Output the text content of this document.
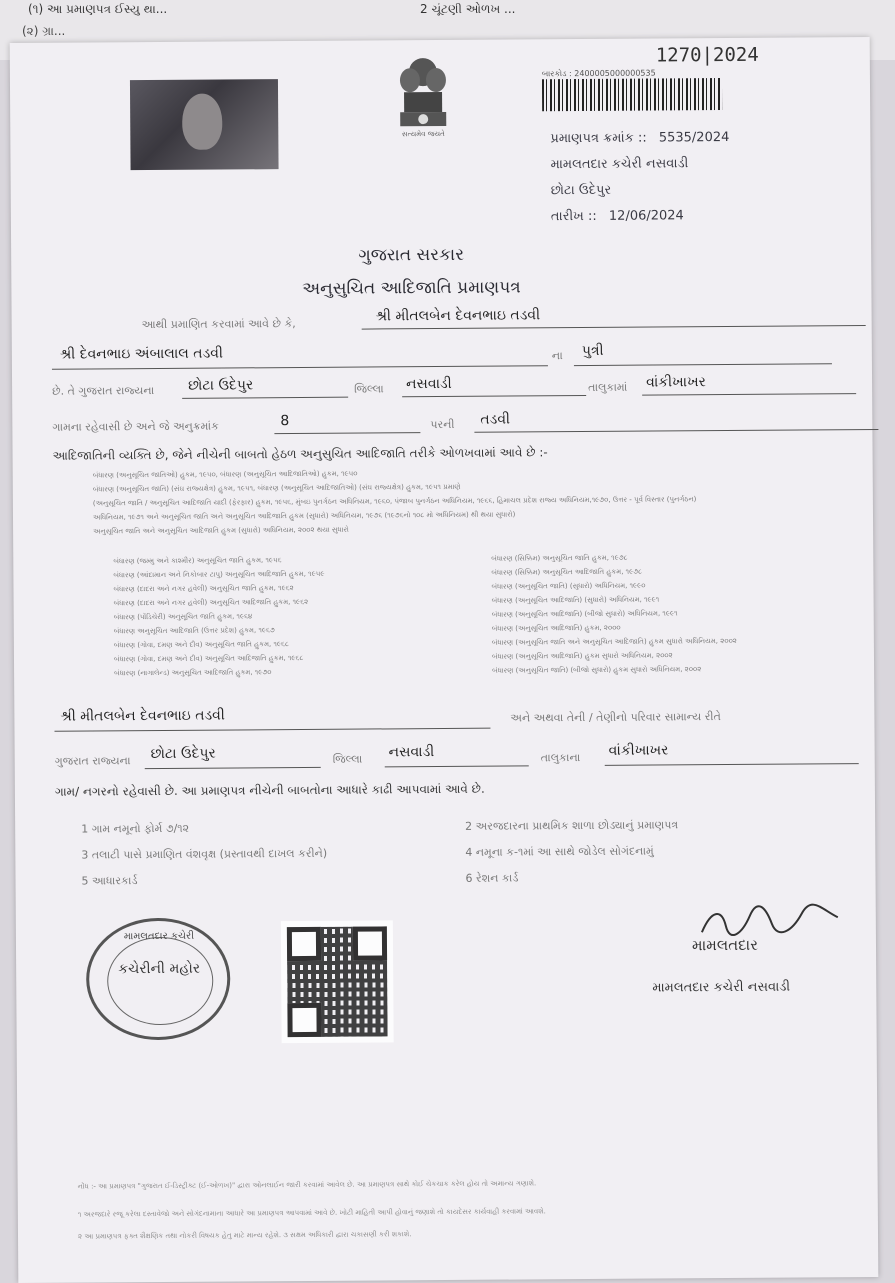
(૧) આ પ્રમાણપત્ર ઈસ્યુ થા...	2 ચૂંટણી ઓળખ ...
(૨) ગ્રા...
સત્યમેવ જયતે
1270|2024
બારકોડ : 2400005000000535
પ્રમાણપત્ર ક્રમાંક :: 5535/2024
મામલતદાર કચેરી નસવાડી
છોટા ઉદેપુર
તારીખ :: 12/06/2024
ગુજરાત સરકાર
અનુસુચિત આદિજાતિ પ્રમાણપત્ર
આથી પ્રમાણિત કરવામાં આવે છે કે,	શ્રી મીતલબેન દેવનભાઇ તડવી
શ્રી દેવનભાઇ અંબાલાલ તડવી	ના	પુત્રી
છે. તે ગુજરાત રાજ્યના	છોટા ઉદેપુર	જિલ્લા નસવાડી	તાલુકામાં વાંકીખાખર
ગામના રહેવાસી છે અને જે અનુક્રમાંક	8	પરની	તડવી
આદિજાતિની વ્યક્તિ છે, જેને નીચેની બાબતો હેઠળ અનુસુચિત આદિજાતિ તરીકે ઓળખવામાં આવે છે :-
બંધારણ (અનુસૂચિત જાતિઓ) હુકમ, ૧૯૫૦, બંધારણ (અનુસૂચિત આદિજાતિઓ) હુકમ, ૧૯૫૦
બંધારણ (અનુસૂચિત જાતિ) (સંઘ રાજ્યક્ષેત્ર) હુકમ, ૧૯૫૧, બંધારણ (અનુસૂચિત આદિજાતિઓ) (સંઘ રાજ્યક્ષેત્ર) હુકમ, ૧૯૫૧ પ્રમાણે
(અનુસૂચિત જાતિ / અનુસૂચિત આદિજાતિ યાદી (ફેરફાર) હુકમ, ૧૯૫૬, મુંબઇ પુનર્ગઠન અધિનિયમ, ૧૯૬૦, પંજાબ પુનર્ગઠન અધિનિયમ, ૧૯૬૬, હિમાચલ પ્રદેશ રાજ્ય અધિનિયમ,૧૯૭૦, ઉત્તર - પૂર્વ વિસ્તાર (પુનર્ગઠન)
અધિનિયમ, ૧૯૭૧ અને અનુસૂચિત જાતિ અને અનુસૂચિત આદિજાતિ હુકમ (સુધારો) અધિનિયમ, ૧૯૭૬ (૧૯૭૬નો ૧૦૮ મો અધિનિયમ) થી થયા સુધારો)
અનુસૂચિત જાતિ અને અનુસૂચિત આદિજાતિ હુકમ (સુધારો) અધિનિયમ, ૨૦૦૨ થયા સુધારો
બંધારણ (જમ્મુ અને કાશ્મીર) અનુસૂચિત જાતિ હુકમ, ૧૯૫૬
બંધારણ (આંદામાન અને નિકોબાર ટાપુ) અનુસૂચિત આદિજાતિ હુકમ, ૧૯૫૯
બંધારણ (દાદરા અને નગર હવેલી) અનુસૂચિત જાતિ હુકમ, ૧૯૬૨
બંધારણ (દાદરા અને નગર હવેલી) અનુસૂચિત આદિજાતિ હુકમ, ૧૯૬૨
બંધારણ (પોંડિચેરી) અનુસૂચિત જાતિ હુકમ, ૧૯૬૪
બંધારણ અનુસૂચિત આદિજાતિ (ઉત્તર પ્રદેશ) હુકમ, ૧૯૬૭
બંધારણ (ગોવા, દમણ અને દીવ) અનુસૂચિત જાતિ હુકમ, ૧૯૬૮
બંધારણ (ગોવા, દમણ અને દીવ) અનુસૂચિત આદિજાતિ હુકમ, ૧૯૬૮
બંધારણ (નાગાલેન્ડ) અનુસૂચિત આદિજાતિ હુકમ, ૧૯૭૦
બંધારણ (સિક્કિમ) અનુસૂચિત જાતિ હુકમ, ૧૯૭૮
બંધારણ (સિક્કિમ) અનુસૂચિત આદિજાતિ હુકમ, ૧૯૭૮
બંધારણ (અનુસૂચિત જાતિ) (સુધારો) અધિનિયમ, ૧૯૯૦
બંધારણ (અનુસૂચિત આદિજાતિ) (સુધારો) અધિનિયમ, ૧૯૯૧
બંધારણ (અનુસૂચિત આદિજાતિ) (બીજો સુધારો) અધિનિયમ, ૧૯૯૧
બંધારણ (અનુસૂચિત આદિજાતિ) હુકમ, ૨૦૦૦
બંધારણ (અનુસૂચિત જાતિ અને અનુસૂચિત આદિજાતિ) હુકમ સુધારો અધિનિયમ, ૨૦૦૨
બંધારણ (અનુસૂચિત આદિજાતિ) હુકમ સુધારો અધિનિયમ, ૨૦૦૨
બંધારણ (અનુસૂચિત જાતિ) (બીજો સુધારો) હુકમ સુધારો અધિનિયમ, ૨૦૦૨
શ્રી મીતલબેન દેવનભાઇ તડવી	અને અથવા તેની / તેણીનો પરિવાર સામાન્ય રીતે
ગુજરાત રાજ્યના	છોટા ઉદેપુર	જિલ્લા નસવાડી	તાલુકાના વાંકીખાખર
ગામ/ નગરનો રહેવાસી છે. આ પ્રમાણપત્ર નીચેની બાબતોના આધારે કાઢી આપવામાં આવે છે.
1 ગામ નમૂનો ફોર્મ ૭/૧૨	2 અરજદારના પ્રાથમિક શાળા છોડ્યાનું પ્રમાણપત્ર
3 તલાટી પાસે પ્રમાણિત વંશવૃક્ષ (પ્રસ્તાવથી દાખલ કરીને)	4 નમૂના ક-૧માં આ સાથે જોડેલ સોગંદનામું
5 આધારકાર્ડ	6 રેશન કાર્ડ
મામલતદાર કચેરી
કચેરીની મહોર
મામલતદાર
મામલતદાર કચેરી નસવાડી
નોંધ :- આ પ્રમાણપત્ર "ગુજરાત ઈ-ડિસ્ટ્રીક્ટ (ઈ-ઓળખ)" દ્વારા ઓનલાઈન જારી કરવામાં આવેલ છે. આ પ્રમાણપત્ર સાથે કોઈ ચેકચાક કરેલ હોય તો અમાન્ય ગણાશે.
૧ અરજદારે રજૂ કરેલા દસ્તાવેજો અને સોગંદનામાના આધારે આ પ્રમાણપત્ર આપવામાં આવે છે. ખોટી માહિતી આપી હોવાનું જણાશે તો કાયદેસર કાર્યવાહી કરવામાં આવશે.
૨ આ પ્રમાણપત્ર ફક્ત શૈક્ષણિક તથા નોકરી વિષયક હેતુ માટે માન્ય રહેશે. ૩ સક્ષમ અધિકારી દ્વારા ચકાસણી કરી શકાશે.
